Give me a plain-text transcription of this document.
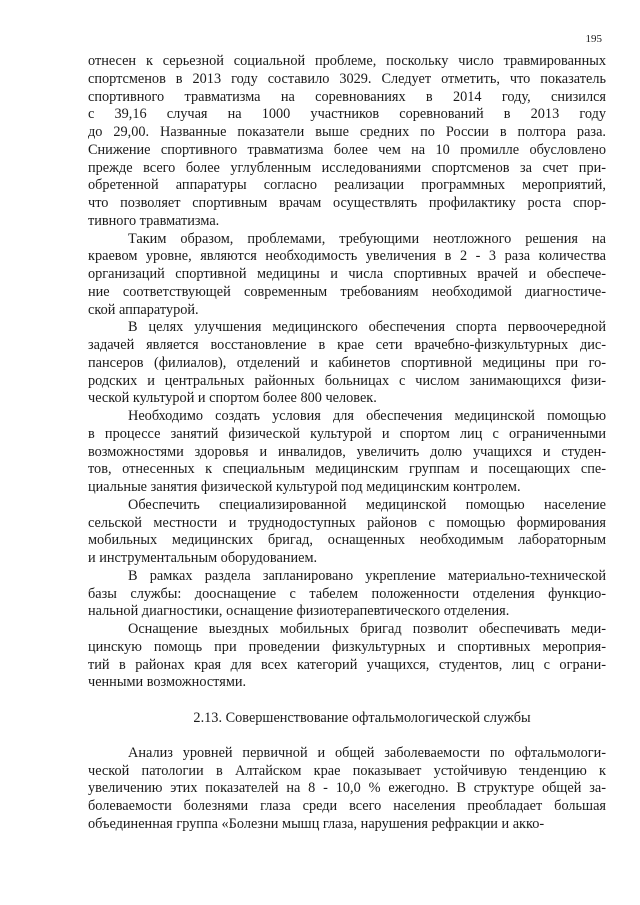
195
отнесен к серьезной социальной проблеме, поскольку число травмированных
спортсменов в 2013 году составило 3029. Следует отметить, что показатель
спортивного травматизма на соревнованиях в 2014 году, снизился
с 39,16 случая на 1000 участников соревнований в 2013 году
до 29,00. Названные показатели выше средних по России в полтора раза.
Снижение спортивного травматизма более чем на 10 промилле обусловлено
прежде всего более углубленным исследованиями спортсменов за счет при-
обретенной аппаратуры согласно реализации программных мероприятий,
что позволяет спортивным врачам осуществлять профилактику роста спор-
тивного травматизма.
Таким образом, проблемами, требующими неотложного решения на
краевом уровне, являются необходимость увеличения в 2 - 3 раза количества
организаций спортивной медицины и числа спортивных врачей и обеспече-
ние соответствующей современным требованиям необходимой диагностиче-
ской аппаратурой.
В целях улучшения медицинского обеспечения спорта первоочередной
задачей является восстановление в крае сети врачебно-физкультурных дис-
пансеров (филиалов), отделений и кабинетов спортивной медицины при го-
родских и центральных районных больницах с числом занимающихся физи-
ческой культурой и спортом более 800 человек.
Необходимо создать условия для обеспечения медицинской помощью
в процессе занятий физической культурой и спортом лиц с ограниченными
возможностями здоровья и инвалидов, увеличить долю учащихся и студен-
тов, отнесенных к специальным медицинским группам и посещающих спе-
циальные занятия физической культурой под медицинским контролем.
Обеспечить специализированной медицинской помощью население
сельской местности и труднодоступных районов с помощью формирования
мобильных медицинских бригад, оснащенных необходимым лабораторным
и инструментальным оборудованием.
В рамках раздела запланировано укрепление материально-технической
базы службы: дооснащение с табелем положенности отделения функцио-
нальной диагностики, оснащение физиотерапевтического отделения.
Оснащение выездных мобильных бригад позволит обеспечивать меди-
цинскую помощь при проведении физкультурных и спортивных мероприя-
тий в районах края для всех категорий учащихся, студентов, лиц с ограни-
ченными возможностями.
2.13. Совершенствование офтальмологической службы
Анализ уровней первичной и общей заболеваемости по офтальмологи-
ческой патологии в Алтайском крае показывает устойчивую тенденцию к
увеличению этих показателей на 8 - 10,0 % ежегодно. В структуре общей за-
болеваемости болезнями глаза среди всего населения преобладает большая
объединенная группа «Болезни мышц глаза, нарушения рефракции и акко-
